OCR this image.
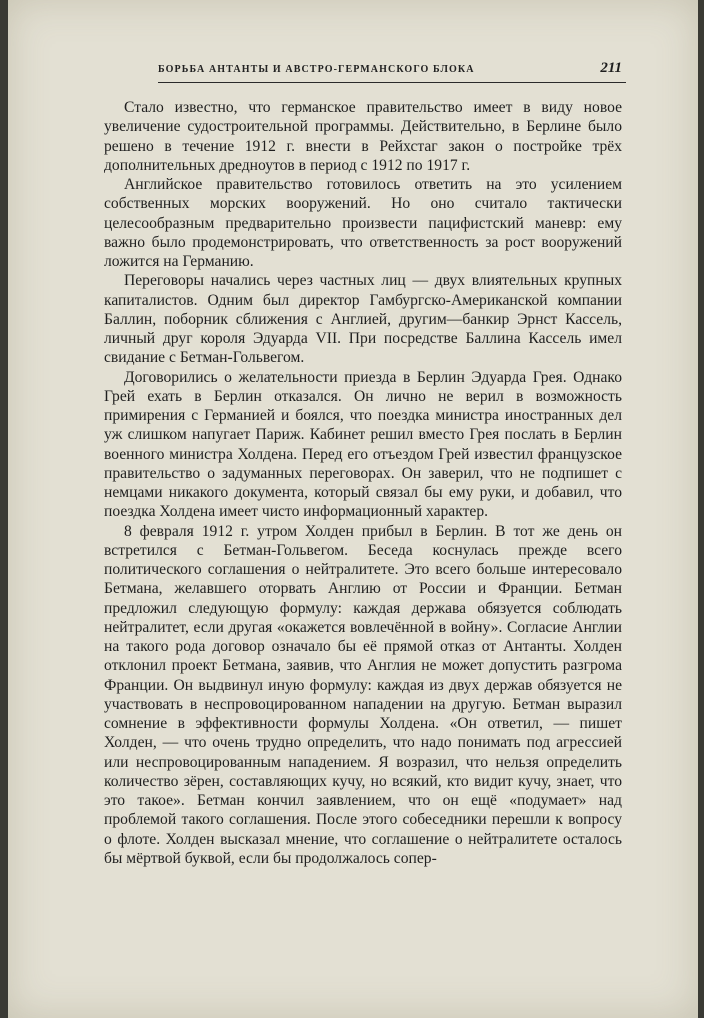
БОРЬБА АНТАНТЫ И АВСТРО-ГЕРМАНСКОГО БЛОКА	211

Стало известно, что германское правительство имеет в виду новое увеличение судостроительной программы. Действительно, в Берлине было решено в течение 1912 г. внести в Рейхстаг закон о постройке трёх дополнительных дредноутов в период с 1912 по 1917 г.

Английское правительство готовилось ответить на это усилением собственных морских вооружений. Но оно считало тактически целесообразным предварительно произвести пацифистский маневр: ему важно было продемонстрировать, что ответственность за рост вооружений ложится на Германию.

Переговоры начались через частных лиц — двух влиятельных крупных капиталистов. Одним был директор Гамбургско-Американской компании Баллин, поборник сближения с Англией, другим—банкир Эрнст Кассель, личный друг короля Эдуарда VII. При посредстве Баллина Кассель имел свидание с Бетман-Гольвегом.

Договорились о желательности приезда в Берлин Эдуарда Грея. Однако Грей ехать в Берлин отказался. Он лично не верил в возможность примирения с Германией и боялся, что поездка министра иностранных дел уж слишком напугает Париж. Кабинет решил вместо Грея послать в Берлин военного министра Холдена. Перед его отъездом Грей известил французское правительство о задуманных переговорах. Он заверил, что не подпишет с немцами никакого документа, который связал бы ему руки, и добавил, что поездка Холдена имеет чисто информационный характер.

8 февраля 1912 г. утром Холден прибыл в Берлин. В тот же день он встретился с Бетман-Гольвегом. Беседа коснулась прежде всего политического соглашения о нейтралитете. Это всего больше интересовало Бетмана, желавшего оторвать Англию от России и Франции. Бетман предложил следующую формулу: каждая держава обязуется соблюдать нейтралитет, если другая «окажется вовлечённой в войну». Согласие Англии на такого рода договор означало бы её прямой отказ от Антанты. Холден отклонил проект Бетмана, заявив, что Англия не может допустить разгрома Франции. Он выдвинул иную формулу: каждая из двух держав обязуется не участвовать в неспровоцированном нападении на другую. Бетман выразил сомнение в эффективности формулы Холдена. «Он ответил, — пишет Холден, — что очень трудно определить, что надо понимать под агрессией или неспровоцированным нападением. Я возразил, что нельзя определить количество зёрен, составляющих кучу, но всякий, кто видит кучу, знает, что это такое». Бетман кончил заявлением, что он ещё «подумает» над проблемой такого соглашения. После этого собеседники перешли к вопросу о флоте. Холден высказал мнение, что соглашение о нейтралитете осталось бы мёртвой буквой, если бы продолжалось сопер-
